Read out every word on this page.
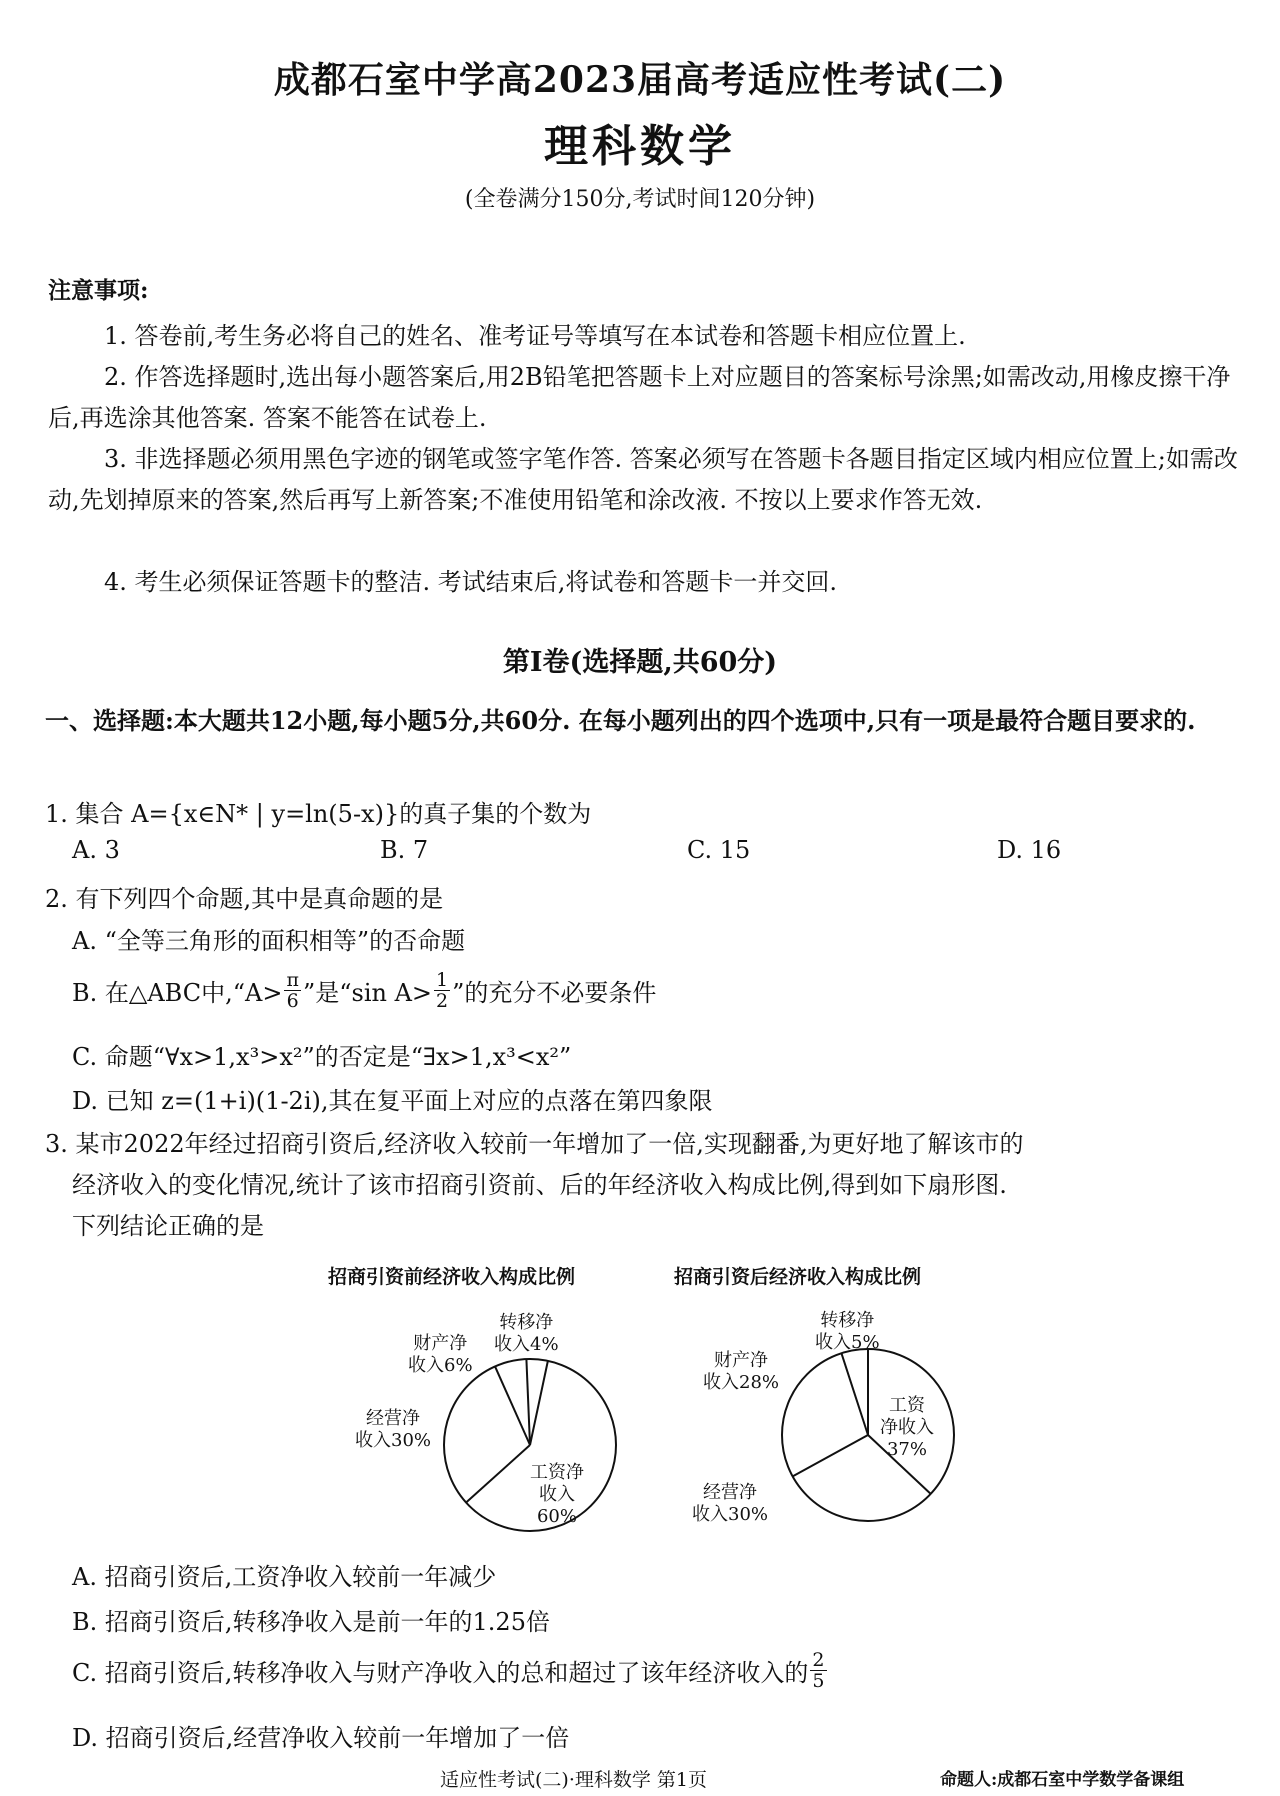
成都石室中学高2023届高考适应性考试(二)
理科数学
(全卷满分150分,考试时间120分钟)
注意事项:
1. 答卷前,考生务必将自己的姓名、准考证号等填写在本试卷和答题卡相应位置上.
2. 作答选择题时,选出每小题答案后,用2B铅笔把答题卡上对应题目的答案标号涂黑;如需改动,用橡皮擦干净后,再选涂其他答案. 答案不能答在试卷上.
3. 非选择题必须用黑色字迹的钢笔或签字笔作答. 答案必须写在答题卡各题目指定区域内相应位置上;如需改动,先划掉原来的答案,然后再写上新答案;不准使用铅笔和涂改液. 不按以上要求作答无效.
4. 考生必须保证答题卡的整洁. 考试结束后,将试卷和答题卡一并交回.
第Ⅰ卷(选择题,共60分)
一、选择题:本大题共12小题,每小题5分,共60分. 在每小题列出的四个选项中,只有一项是最符合题目要求的.
1. 集合 A={x∈N* | y=ln(5-x)}的真子集的个数为
A. 3	B. 7	C. 15	D. 16
2. 有下列四个命题,其中是真命题的是
A. “全等三角形的面积相等”的否命题
B. 在△ABC中,“A> $\frac{\pi}{6}$ ”是“sin $A> \frac{1}{2}$ ”的充分不必要条件
C. 命题“∀x>1,x³>x²”的否定是“∃x>1,x³<x²”
D. 已知 z=(1+i)(1-2i),其在复平面上对应的点落在第四象限
3. 某市2022年经过招商引资后,经济收入较前一年增加了一倍,实现翻番,为更好地了解该市的
经济收入的变化情况,统计了该市招商引资前、后的年经济收入构成比例,得到如下扇形图.
下列结论正确的是
招商引资前经济收入构成比例	招商引资后经济收入构成比例
工资净
收入
60%
经营净
收入30%
财产净
收入6%
转移净
收入4%
工资
净收入
37%
经营净
收入30%
财产净
收入28%
转移净
收入5%
A. 招商引资后,工资净收入较前一年减少
B. 招商引资后,转移净收入是前一年的1.25倍
C. 招商引资后,转移净收入与财产净收入的总和超过了该年经济收入的 $\frac{2}{5}$
D. 招商引资后,经营净收入较前一年增加了一倍
适应性考试(二)·理科数学 第1页	命题人:成都石室中学数学备课组
